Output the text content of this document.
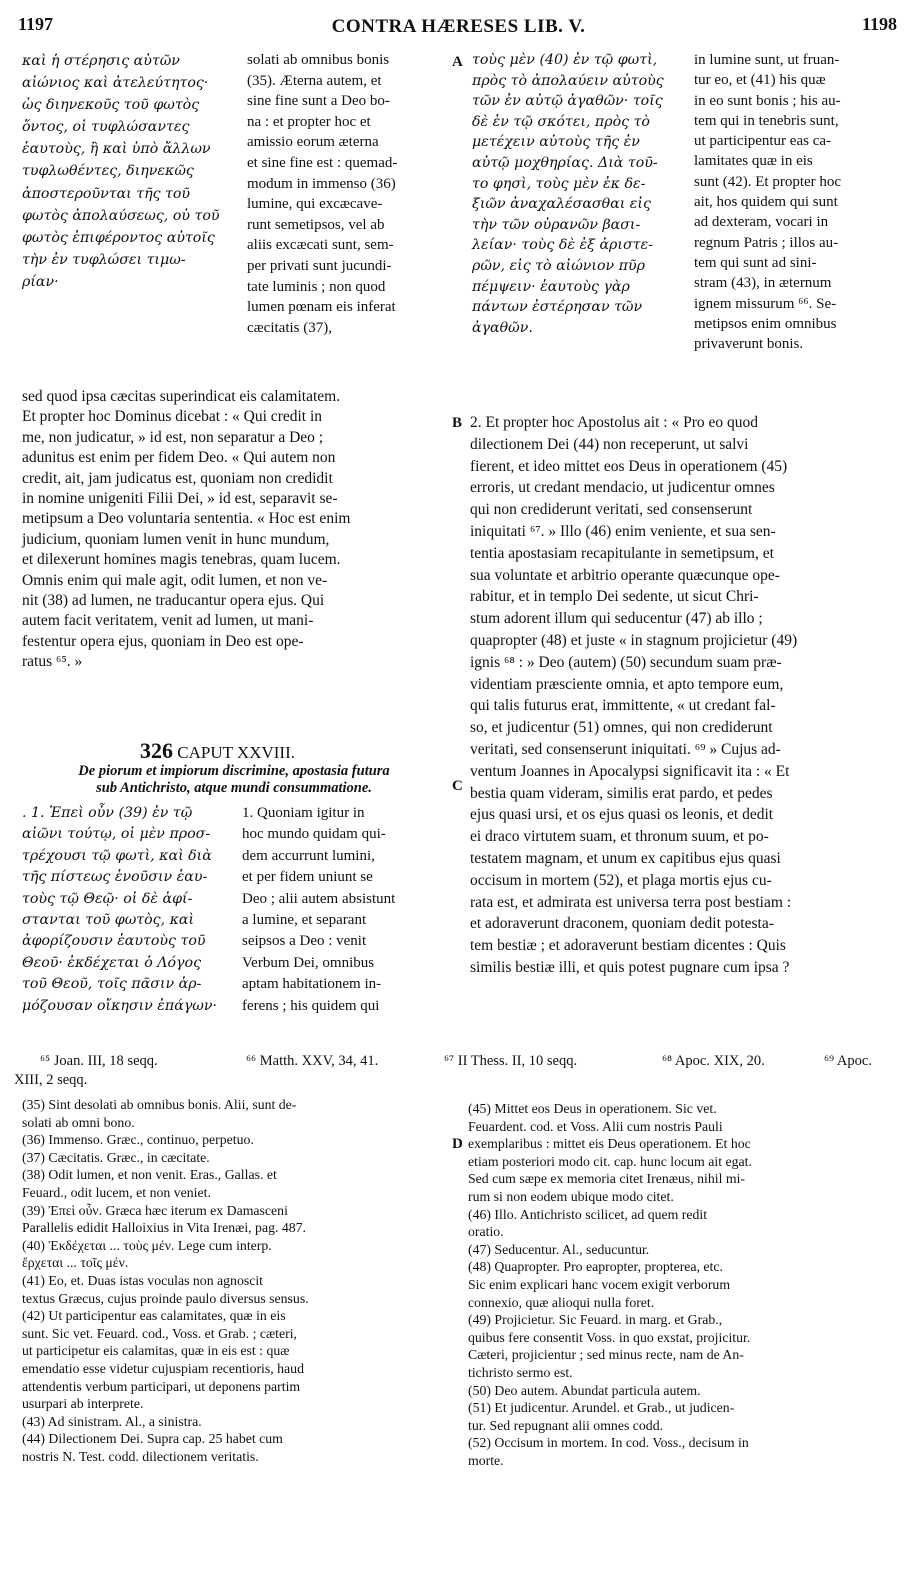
1197	CONTRA HÆRESES LIB. V.	1198
A
B
C
D
καὶ ἡ στέρησις αὐτῶν
αἰώνιος καὶ ἀτελεύτητος·
ὡς διηνεκοῦς τοῦ φωτὸς
ὄντος, οἱ τυφλώσαντες
ἑαυτοὺς, ἢ καὶ ὑπὸ ἄλλων
τυφλωθέντες, διηνεκῶς
ἀποστεροῦνται τῆς τοῦ
φωτὸς ἀπολαύσεως, οὐ τοῦ
φωτὸς ἐπιφέροντος αὐτοῖς
τὴν ἐν τυφλώσει τιμω-
ρίαν·
solati ab omnibus bonis
(35). Æterna autem, et
sine fine sunt a Deo bo-
na : et propter hoc et
amissio eorum æterna
et sine fine est : quemad-
modum in immenso (36)
lumine, qui excæcave-
runt semetipsos, vel ab
aliis excæcati sunt, sem-
per privati sunt jucundi-
tate luminis ; non quod
lumen pœnam eis inferat
cæcitatis (37),
τοὺς μὲν (40) ἐν τῷ φωτὶ,
πρὸς τὸ ἀπολαύειν αὐτοὺς
τῶν ἐν αὐτῷ ἀγαθῶν· τοῖς
δὲ ἐν τῷ σκότει, πρὸς τὸ
μετέχειν αὐτοὺς τῆς ἐν
αὐτῷ μοχθηρίας. Διὰ τοῦ-
το φησὶ, τοὺς μὲν ἐκ δε-
ξιῶν ἀναχαλέσασθαι εἰς
τὴν τῶν οὐρανῶν βασι-
λείαν· τοὺς δὲ ἐξ ἀριστε-
ρῶν, εἰς τὸ αἰώνιον πῦρ
πέμψειν· ἑαυτοὺς γὰρ
πάντων ἐστέρησαν τῶν
ἀγαθῶν.
in lumine sunt, ut fruan-
tur eo, et (41) his quæ
in eo sunt bonis ; his au-
tem qui in tenebris sunt,
ut participentur eas ca-
lamitates quæ in eis
sunt (42). Et propter hoc
ait, hos quidem qui sunt
ad dexteram, vocari in
regnum Patris ; illos au-
tem qui sunt ad sini-
stram (43), in æternum
ignem missurum ⁶⁶. Se-
metipsos enim omnibus
privaverunt bonis.
sed quod ipsa cæcitas superindicat eis calamitatem.
Et propter hoc Dominus dicebat : « Qui credit in
me, non judicatur, » id est, non separatur a Deo ;
adunitus est enim per fidem Deo. « Qui autem non
credit, ait, jam judicatus est, quoniam non credidit
in nomine unigeniti Filii Dei, » id est, separavit se-
metipsum a Deo voluntaria sententia. « Hoc est enim
judicium, quoniam lumen venit in hunc mundum,
et dilexerunt homines magis tenebras, quam lucem.
Omnis enim qui male agit, odit lumen, et non ve-
nit (38) ad lumen, ne traducantur opera ejus. Qui
autem facit veritatem, venit ad lumen, ut mani-
festentur opera ejus, quoniam in Deo est ope-
ratus ⁶⁵. »
326 CAPUT XXVIII.
De piorum et impiorum discrimine, apostasia futura
sub Antichristo, atque mundi consummatione.
. 1. Ἐπεὶ οὖν (39) ἐν τῷ
αἰῶνι τούτῳ, οἱ μὲν προσ-
τρέχουσι τῷ φωτὶ, καὶ διὰ
τῆς πίστεως ἑνοῦσιν ἑαυ-
τοὺς τῷ Θεῷ· οἱ δὲ ἀφί-
στανται τοῦ φωτὸς, καὶ
ἀφορίζουσιν ἑαυτοὺς τοῦ
Θεοῦ· ἐκδέχεται ὁ Λόγος
τοῦ Θεοῦ, τοῖς πᾶσιν ἁρ-
μόζουσαν οἴκησιν ἐπάγων·
1. Quoniam igitur in
hoc mundo quidam qui-
dem accurrunt lumini,
et per fidem uniunt se
Deo ; alii autem absistunt
a lumine, et separant
seipsos a Deo : venit
Verbum Dei, omnibus
aptam habitationem in-
ferens ; his quidem qui
2. Et propter hoc Apostolus ait : « Pro eo quod
dilectionem Dei (44) non receperunt, ut salvi
fierent, et ideo mittet eos Deus in operationem (45)
erroris, ut credant mendacio, ut judicentur omnes
qui non crediderunt veritati, sed consenserunt
iniquitati ⁶⁷. » Illo (46) enim veniente, et sua sen-
tentia apostasiam recapitulante in semetipsum, et
sua voluntate et arbitrio operante quæcunque ope-
rabitur, et in templo Dei sedente, ut sicut Chri-
stum adorent illum qui seducentur (47) ab illo ;
quapropter (48) et juste « in stagnum projicietur (49)
ignis ⁶⁸ : » Deo (autem) (50) secundum suam præ-
videntiam præsciente omnia, et apto tempore eum,
qui talis futurus erat, immittente, « ut credant fal-
so, et judicentur (51) omnes, qui non crediderunt
veritati, sed consenserunt iniquitati. ⁶⁹ » Cujus ad-
ventum Joannes in Apocalypsi significavit ita : « Et
bestia quam videram, similis erat pardo, et pedes
ejus quasi ursi, et os ejus quasi os leonis, et dedit
ei draco virtutem suam, et thronum suum, et po-
testatem magnam, et unum ex capitibus ejus quasi
occisum in mortem (52), et plaga mortis ejus cu-
rata est, et admirata est universa terra post bestiam :
et adoraverunt draconem, quoniam dedit potesta-
tem bestiæ ; et adoraverunt bestiam dicentes : Quis
similis bestiæ illi, et quis potest pugnare cum ipsa ?
⁶⁵ Joan. III, 18 seqq.	⁶⁶ Matth. XXV, 34, 41.	⁶⁷ II Thess. II, 10 seqq.	⁶⁸ Apoc. XIX, 20.	⁶⁹ Apoc.
XIII, 2 seqq.
(35) Sint desolati ab omnibus bonis. Alii, sunt de-
solati ab omni bono.
(36) Immenso. Græc., continuo, perpetuo.
(37) Cæcitatis. Græc., in cæcitate.
(38) Odit lumen, et non venit. Eras., Gallas. et
Feuard., odit lucem, et non veniet.
(39) Ἐπεὶ οὖν. Græca hæc iterum ex Damasceni
Parallelis edidit Halloixius in Vita Irenæi, pag. 487.
(40) Ἐκδέχεται ... τοὺς μέν. Lege cum interp.
ἔρχεται ... τοῖς μέν.
(41) Eo, et. Duas istas voculas non agnoscit
textus Græcus, cujus proinde paulo diversus sensus.
(42) Ut participentur eas calamitates, quæ in eis
sunt. Sic vet. Feuard. cod., Voss. et Grab. ; cæteri,
ut participetur eis calamitas, quæ in eis est : quæ
emendatio esse videtur cujuspiam recentioris, haud
attendentis verbum participari, ut deponens partim
usurpari ab interprete.
(43) Ad sinistram. Al., a sinistra.
(44) Dilectionem Dei. Supra cap. 25 habet cum
nostris N. Test. codd. dilectionem veritatis.
(45) Mittet eos Deus in operationem. Sic vet.
Feuardent. cod. et Voss. Alii cum nostris Pauli
exemplaribus : mittet eis Deus operationem. Et hoc
etiam posteriori modo cit. cap. hunc locum ait egat.
Sed cum sæpe ex memoria citet Irenæus, nihil mi-
rum si non eodem ubique modo citet.
(46) Illo. Antichristo scilicet, ad quem redit
oratio.
(47) Seducentur. Al., seducuntur.
(48) Quapropter. Pro eapropter, propterea, etc.
Sic enim explicari hanc vocem exigit verborum
connexio, quæ alioqui nulla foret.
(49) Projicietur. Sic Feuard. in marg. et Grab.,
quibus fere consentit Voss. in quo exstat, projicitur.
Cæteri, projicientur ; sed minus recte, nam de An-
tichristo sermo est.
(50) Deo autem. Abundat particula autem.
(51) Et judicentur. Arundel. et Grab., ut judicen-
tur. Sed repugnant alii omnes codd.
(52) Occisum in mortem. In cod. Voss., decisum in
morte.
